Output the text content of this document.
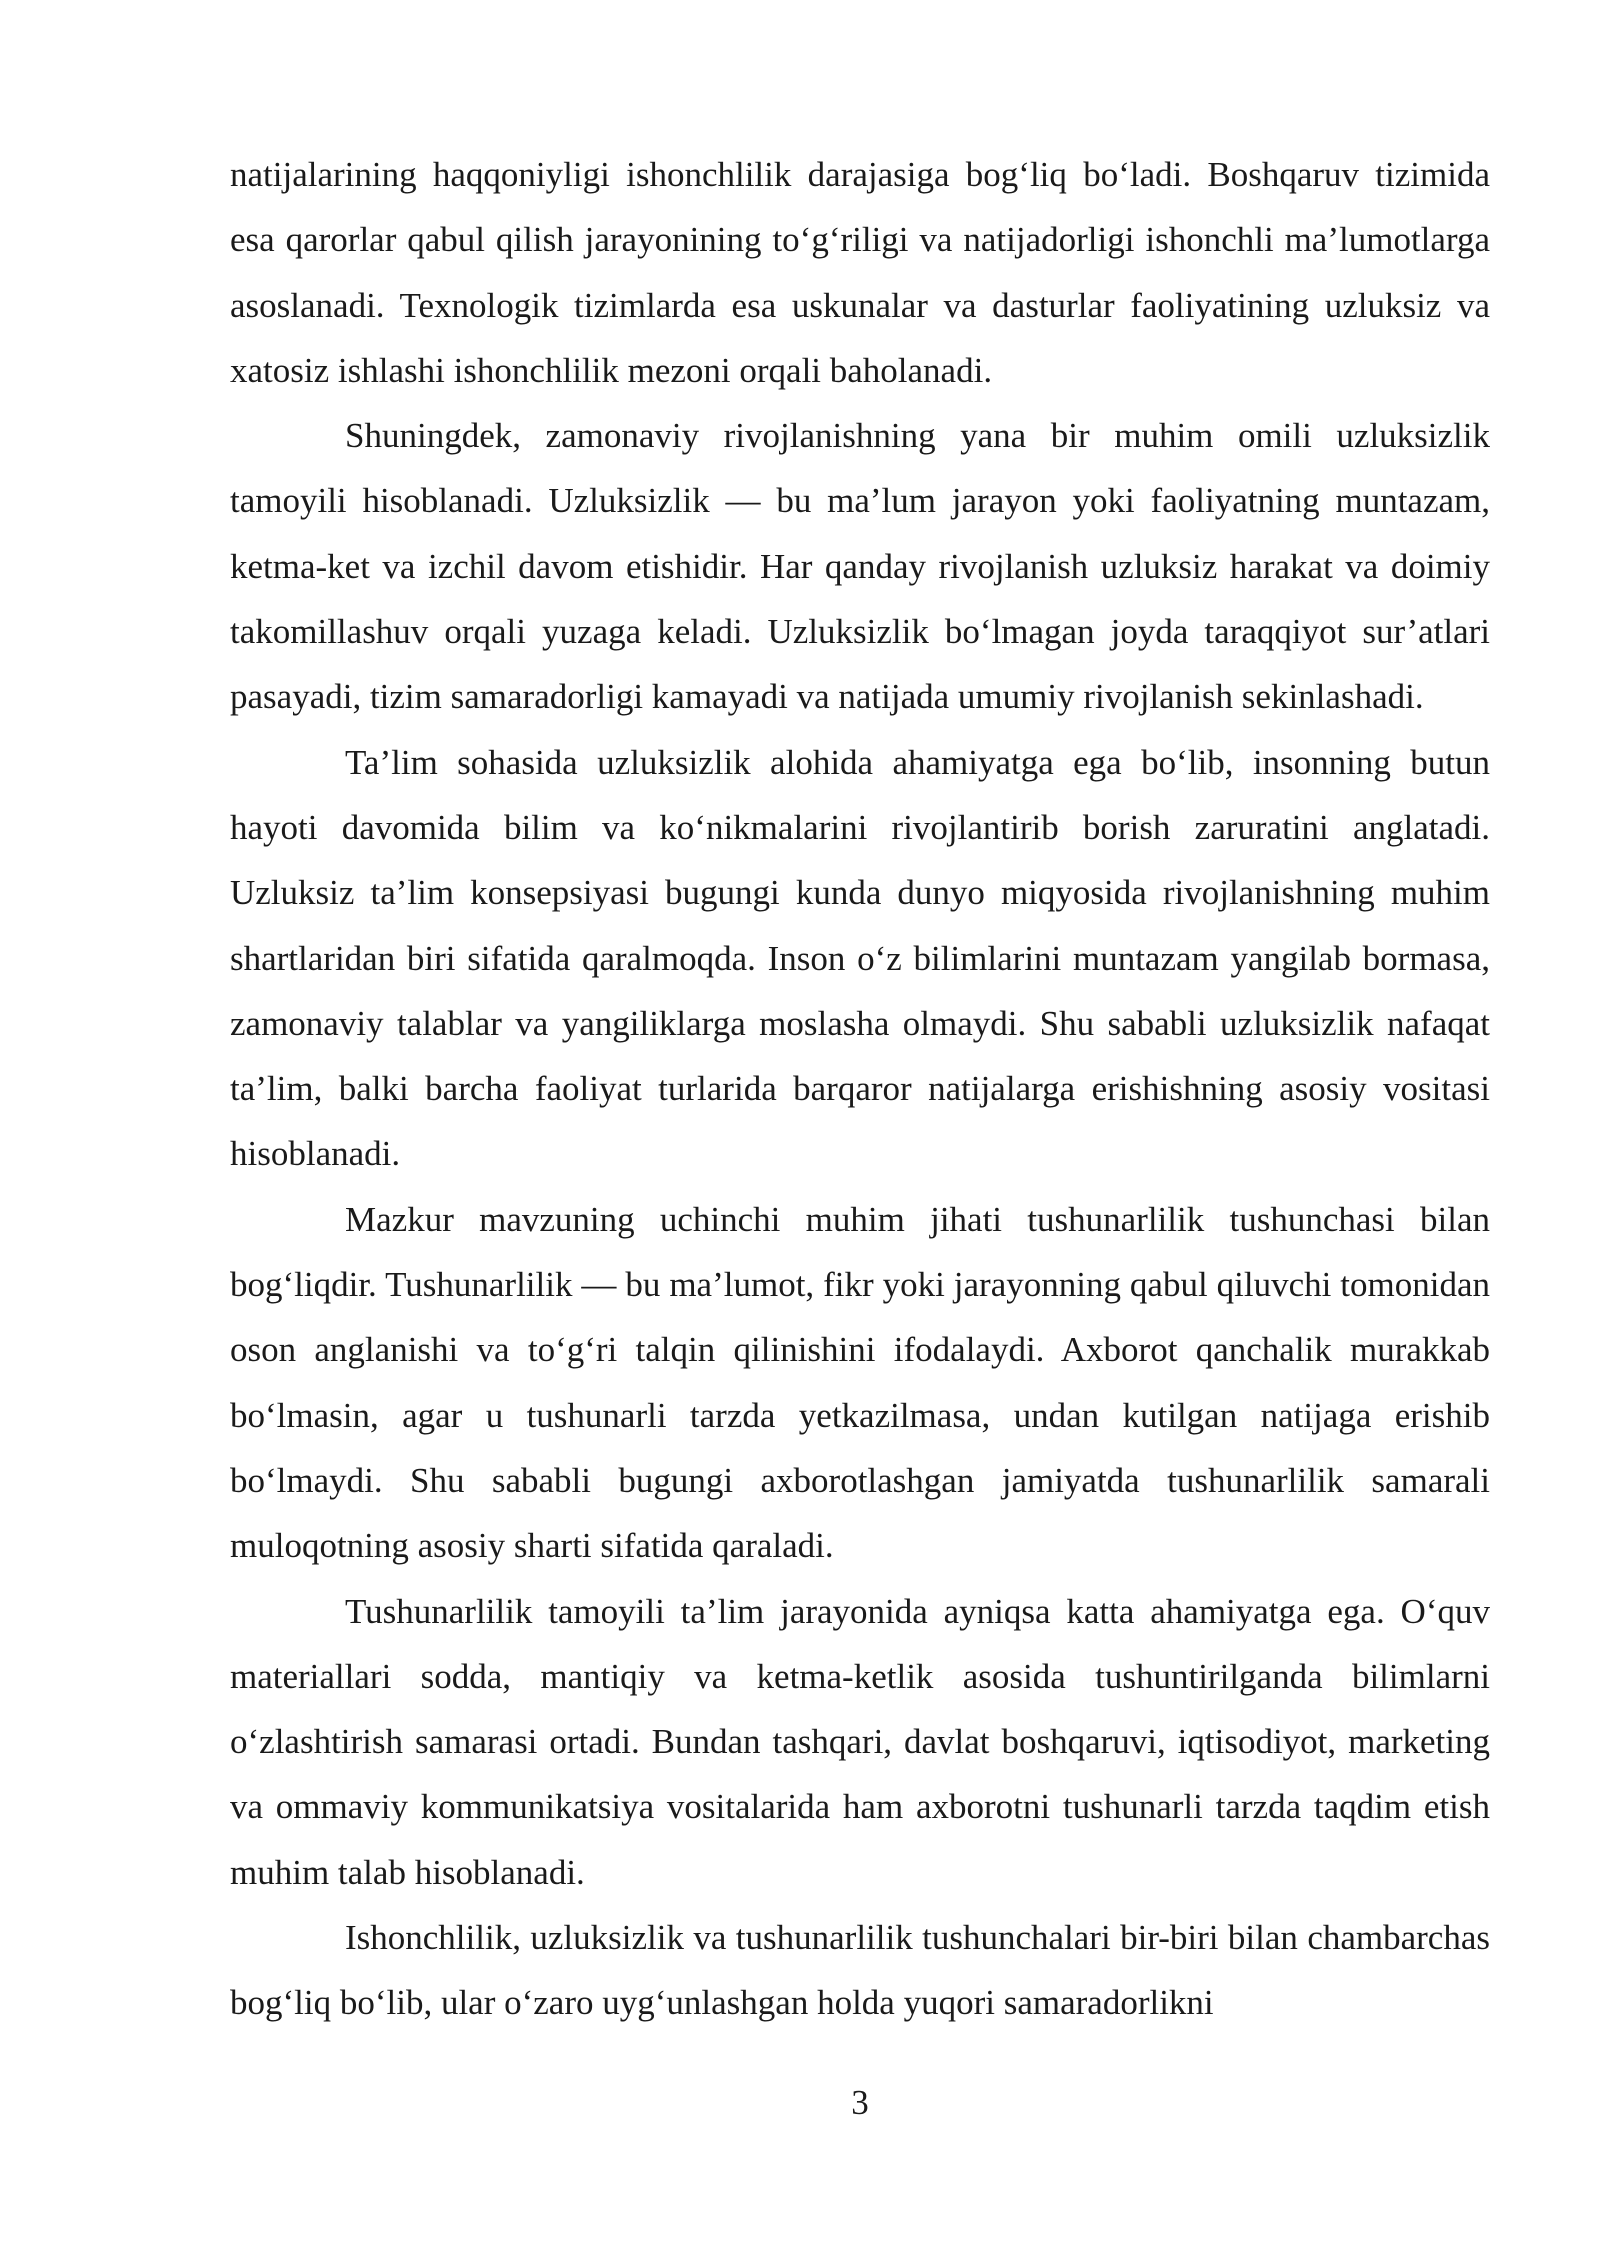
natijalarining haqqoniyligi ishonchlilik darajasiga bog‘liq bo‘ladi. Boshqaruv tizimida esa qarorlar qabul qilish jarayonining to‘g‘riligi va natijadorligi ishonchli ma’lumotlarga asoslanadi. Texnologik tizimlarda esa uskunalar va dasturlar faoliyatining uzluksiz va xatosiz ishlashi ishonchlilik mezoni orqali baholanadi.

Shuningdek, zamonaviy rivojlanishning yana bir muhim omili uzluksizlik tamoyili hisoblanadi. Uzluksizlik — bu ma’lum jarayon yoki faoliyatning muntazam, ketma-ket va izchil davom etishidir. Har qanday rivojlanish uzluksiz harakat va doimiy takomillashuv orqali yuzaga keladi. Uzluksizlik bo‘lmagan joyda taraqqiyot sur’atlari pasayadi, tizim samaradorligi kamayadi va natijada umumiy rivojlanish sekinlashadi.

Ta’lim sohasida uzluksizlik alohida ahamiyatga ega bo‘lib, insonning butun hayoti davomida bilim va ko‘nikmalarini rivojlantirib borish zaruratini anglatadi. Uzluksiz ta’lim konsepsiyasi bugungi kunda dunyo miqyosida rivojlanishning muhim shartlaridan biri sifatida qaralmoqda. Inson o‘z bilimlarini muntazam yangilab bormasa, zamonaviy talablar va yangiliklarga moslasha olmaydi. Shu sababli uzluksizlik nafaqat ta’lim, balki barcha faoliyat turlarida barqaror natijalarga erishishning asosiy vositasi hisoblanadi.

Mazkur mavzuning uchinchi muhim jihati tushunarlilik tushunchasi bilan bog‘liqdir. Tushunarlilik — bu ma’lumot, fikr yoki jarayonning qabul qiluvchi tomonidan oson anglanishi va to‘g‘ri talqin qilinishini ifodalaydi. Axborot qanchalik murakkab bo‘lmasin, agar u tushunarli tarzda yetkazilmasa, undan kutilgan natijaga erishib bo‘lmaydi. Shu sababli bugungi axborotlashgan jamiyatda tushunarlilik samarali muloqotning asosiy sharti sifatida qaraladi.

Tushunarlilik tamoyili ta’lim jarayonida ayniqsa katta ahamiyatga ega. O‘quv materiallari sodda, mantiqiy va ketma-ketlik asosida tushuntirilganda bilimlarni o‘zlashtirish samarasi ortadi. Bundan tashqari, davlat boshqaruvi, iqtisodiyot, marketing va ommaviy kommunikatsiya vositalarida ham axborotni tushunarli tarzda taqdim etish muhim talab hisoblanadi.

Ishonchlilik, uzluksizlik va tushunarlilik tushunchalari bir-biri bilan chambarchas bog‘liq bo‘lib, ular o‘zaro uyg‘unlashgan holda yuqori samaradorlikni

3
